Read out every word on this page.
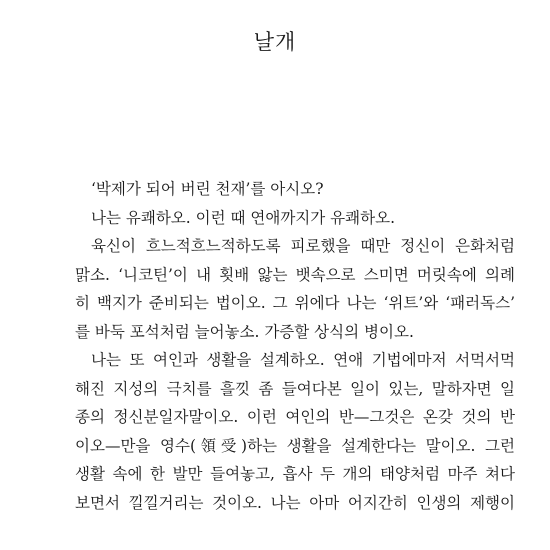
날개
‘박제가 되어 버린 천재’를 아시오?
나는 유쾌하오. 이런 때 연애까지가 유쾌하오.
육신이 흐느적흐느적하도록 피로했을 때만 정신이 은화처럼
맑소. ‘니코틴’이 내 횟배 앓는 뱃속으로 스미면 머릿속에 의례
히 백지가 준비되는 법이오. 그 위에다 나는 ‘위트’와 ‘패러독스’
를 바둑 포석처럼 늘어놓소. 가증할 상식의 병이오.
나는 또 여인과 생활을 설계하오. 연애 기법에마저 서먹서먹
해진 지성의 극치를 흘낏 좀 들여다본 일이 있는, 말하자면 일
종의 정신분일자말이오. 이런 여인의 반—그것은 온갖 것의 반
이오—만을 영수(領受)하는 생활을 설계한다는 말이오. 그런
생활 속에 한 발만 들여놓고, 흡사 두 개의 태양처럼 마주 쳐다
보면서 낄낄거리는 것이오. 나는 아마 어지간히 인생의 제행이
